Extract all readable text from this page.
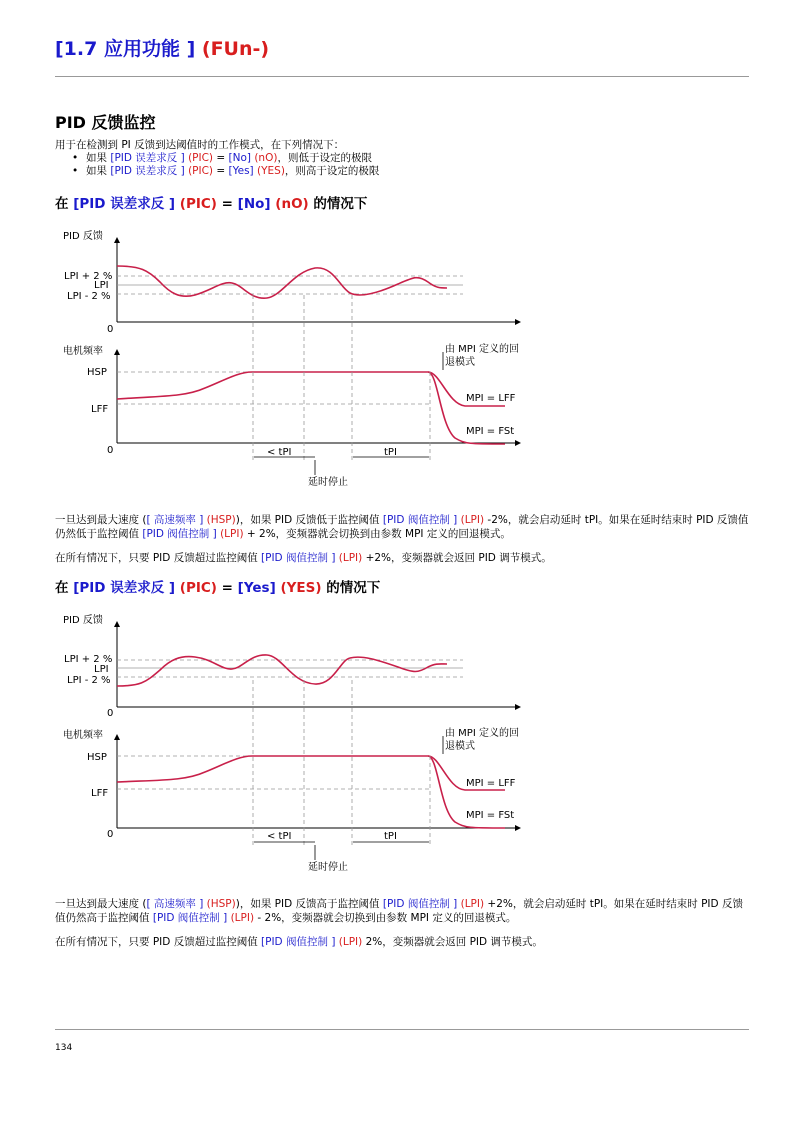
[1.7 应用功能 ] (FUn-)
PID 反馈监控
用于在检测到 PI 反馈到达阈值时的工作模式，在下列情况下：
• 如果 [PID 误差求反 ] (PIC) = [No] (nO)，则低于设定的极限
• 如果 [PID 误差求反 ] (PIC) = [Yes] (YES)，则高于设定的极限
在 [PID 误差求反 ] (PIC) = [No] (nO) 的情况下
PID 反馈
LPI + 2 %
LPI
LPI - 2 %
0
电机频率
HSP
LFF
0	< tPI	tPI
延时停止
由 MPI 定义的回
退模式
MPI = LFF
MPI = FSt
PID 反馈
LPI + 2 %
LPI
LPI - 2 %
0
电机频率
HSP
LFF
0	< tPI	tPI
延时停止
由 MPI 定义的回
退模式
MPI = LFF
MPI = FSt
一旦达到最大速度 ([ 高速频率 ] (HSP))，如果 PID 反馈低于监控阈值 [PID 阀值控制 ] (LPI) -2%，就会启动延时 tPI。如果在延时结束时 PID 反馈值仍然低于监控阈值 [PID 阀值控制 ] (LPI) + 2%，变频器就会切换到由参数 MPI 定义的回退模式。
在所有情况下，只要 PID 反馈超过监控阈值 [PID 阀值控制 ] (LPI) +2%，变频器就会返回 PID 调节模式。
在 [PID 误差求反 ] (PIC) = [Yes] (YES) 的情况下
一旦达到最大速度 ([ 高速频率 ] (HSP))，如果 PID 反馈高于监控阈值 [PID 阀值控制 ] (LPI) +2%，就会启动延时 tPI。如果在延时结束时 PID 反馈值仍然高于监控阈值 [PID 阀值控制 ] (LPI) - 2%，变频器就会切换到由参数 MPI 定义的回退模式。
在所有情况下，只要 PID 反馈超过监控阈值 [PID 阀值控制 ] (LPI) 2%，变频器就会返回 PID 调节模式。
134
